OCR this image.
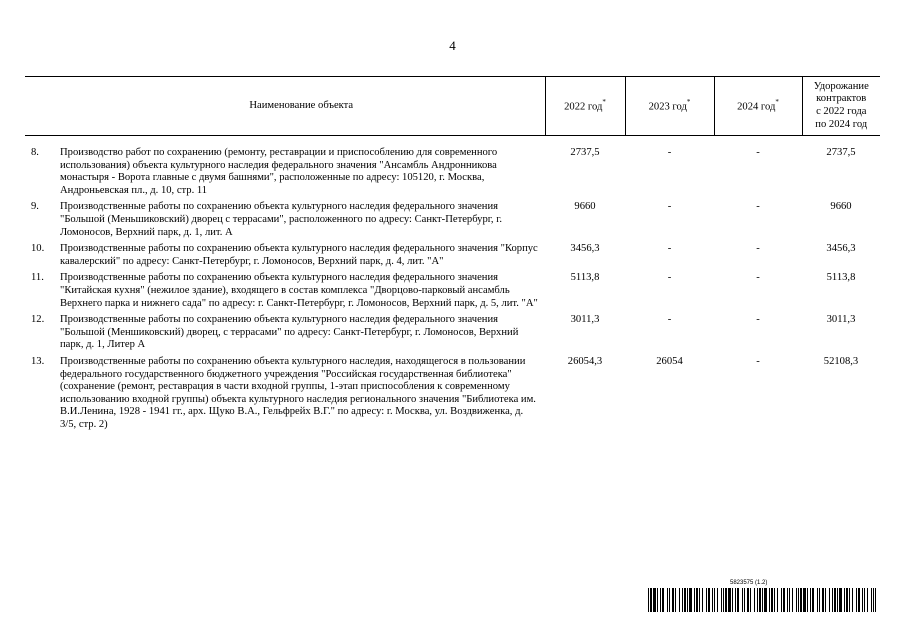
4
	Наименование объекта	2022 год*	2023 год*	2024 год*	Удорожание
контрактов
с 2022 года
по 2024 год

8.	Производство работ по сохранению (ремонту, реставрации и приспособлению для современного использования) объекта культурного наследия федерального значения "Ансамбль Андронникова монастыря - Ворота главные с двумя башнями", расположенные по адресу: 105120, г. Москва, Андроньевская пл., д. 10, стр. 11	2737,5	-	-	2737,5
9.	Производственные работы по сохранению объекта культурного наследия федерального значения "Большой (Меньшиковский) дворец с террасами", расположенного по адресу: Санкт-Петербург, г. Ломоносов, Верхний парк, д. 1, лит. А	9660	-	-	9660
10.	Производственные работы по сохранению объекта культурного наследия федерального значения "Корпус кавалерский" по адресу: Санкт-Петербург, г. Ломоносов, Верхний парк, д. 4, лит. "А"	3456,3	-	-	3456,3
11.	Производственные работы по сохранению объекта культурного наследия федерального значения "Китайская кухня" (нежилое здание), входящего в состав комплекса "Дворцово-парковый ансамбль Верхнего парка и нижнего сада" по адресу: г. Санкт-Петербург, г. Ломоносов, Верхний парк, д. 5, лит. "А"	5113,8	-	-	5113,8
12.	Производственные работы по сохранению объекта культурного наследия федерального значения "Большой (Меншиковский) дворец, с террасами" по адресу: Санкт-Петербург, г. Ломоносов, Верхний парк, д. 1, Литер А	3011,3	-	-	3011,3
13.	Производственные работы по сохранению объекта культурного наследия, находящегося в пользовании федерального государственного бюджетного учреждения "Российская государственная библиотека" (сохранение (ремонт, реставрация в части входной группы, 1-этап приспособления к современному использованию входной группы) объекта культурного наследия регионального значения "Библиотека им. В.И.Ленина, 1928 - 1941 гг., арх. Щуко В.А., Гельфрейх В.Г." по адресу: г. Москва, ул. Воздвиженка, д. 3/5, стр. 2)	26054,3	26054	-	52108,3
5823575 (1.2)
